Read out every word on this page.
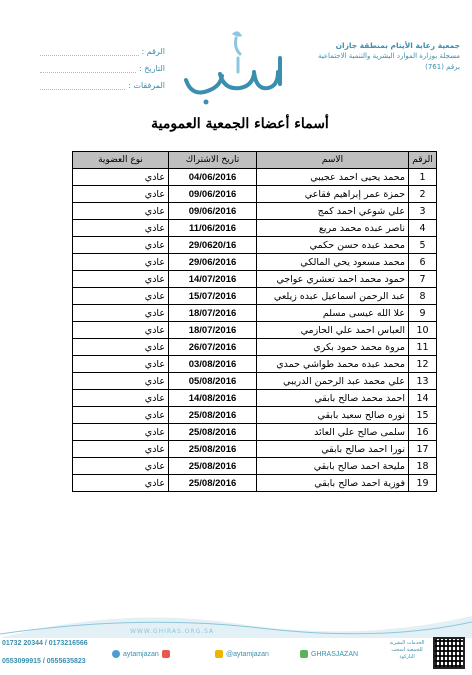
جمعية رعاية الأيتام بمنطقة جازان
مسجلة بوزارة الموارد البشرية والتنمية الاجتماعية
برقم (761)
الرقم :
التاريخ :
المرفقات :
أسماء أعضاء الجمعية العمومية
الرقم	الاسم	تاريخ الاشتراك	نوع العضوية
1	محمد يحيى احمد عجيبي	04/06/2016	عادي
2	حمزة عمر إبراهيم فقاعي	09/06/2016	عادي
3	علي شوعي احمد كمج	09/06/2016	عادي
4	ناصر عبده محمد مريع	11/06/2016	عادي
5	محمد عبده حسن حكمي	29/0620/16	عادي
6	محمد مسعود يحي المالكي	29/06/2016	عادي
7	حمود محمد احمد تعشري عواجي	14/07/2016	عادي
8	عبد الرحمن اسماعيل عبده زيلعي	15/07/2016	عادي
9	علا الله عيسى مسلم	18/07/2016	عادي
10	العباس احمد علي الحازمي	18/07/2016	عادي
11	مروة محمد حمود بكري	26/07/2016	عادي
12	محمد عبده محمد طواشي حمدي	03/08/2016	عادي
13	علي محمد عبد الرحمن الدريبي	05/08/2016	عادي
14	احمد محمد صالح بابقي	14/08/2016	عادي
15	نوره صالح سعيد بابقي	25/08/2016	عادي
16	سلمى صالح علي العائد	25/08/2016	عادي
17	نورا احمد صالح بابقي	25/08/2016	عادي
18	مليحة احمد صالح بابقي	25/08/2016	عادي
19	فوزية احمد صالح بابقي	25/08/2016	عادي
WWW.GHIRAS.ORG.SA
01732 20344 / 0173216566
0553099915 / 0555635823
aytamjazan	@aytamjazan	GHRASJAZAN
الخدمات البشرية للجمعية اسحب الباركود
